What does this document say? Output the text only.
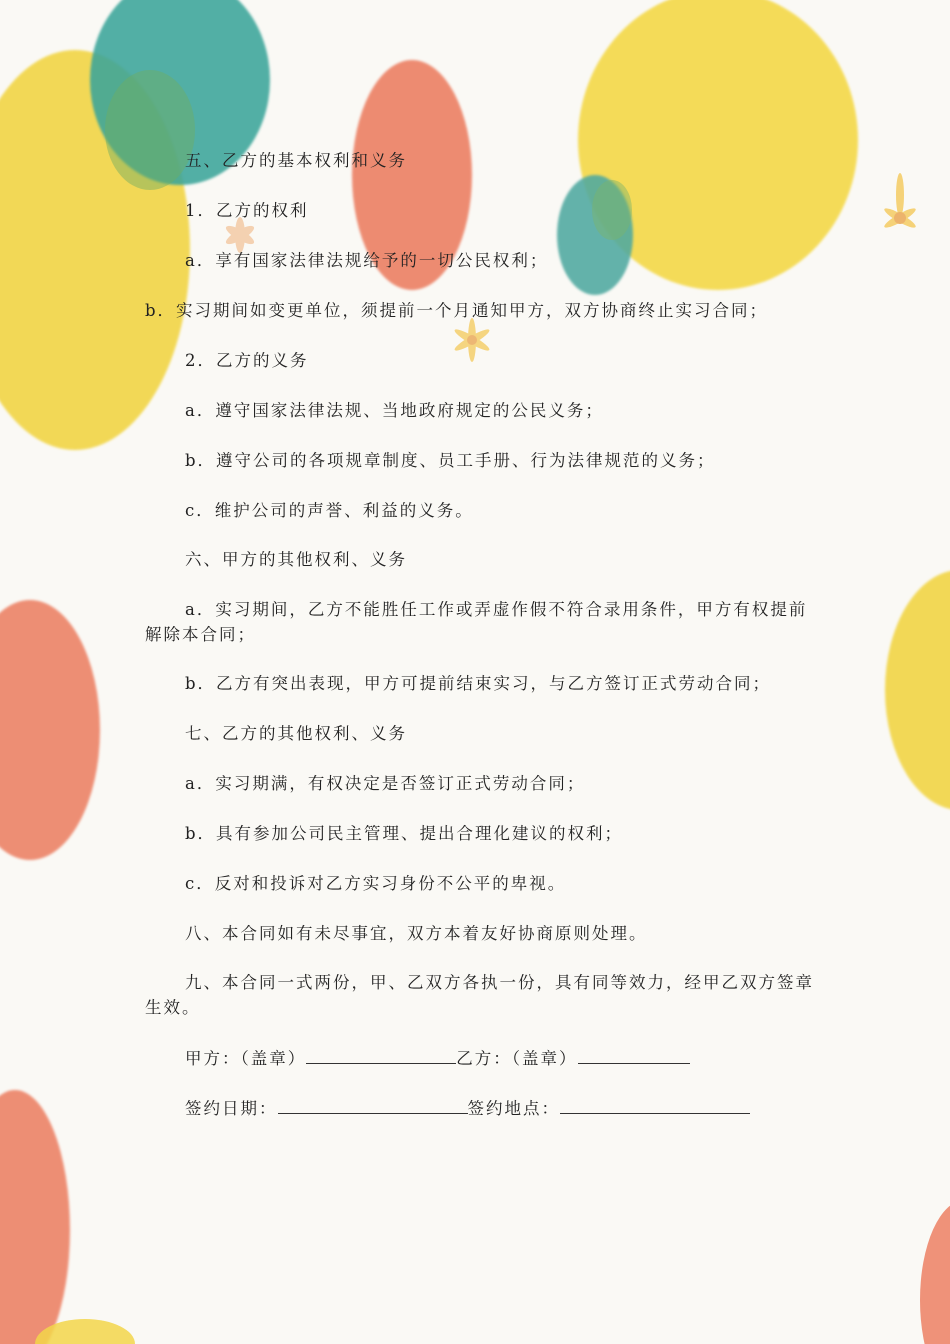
五、乙方的基本权利和义务
1．乙方的权利
a．享有国家法律法规给予的一切公民权利；
b．实习期间如变更单位，须提前一个月通知甲方，双方协商终止实习合同；
2．乙方的义务
a．遵守国家法律法规、当地政府规定的公民义务；
b．遵守公司的各项规章制度、员工手册、行为法律规范的义务；
c．维护公司的声誉、利益的义务。
六、甲方的其他权利、义务
a．实习期间，乙方不能胜任工作或弄虚作假不符合录用条件，甲方有权提前解除本合同；
b．乙方有突出表现，甲方可提前结束实习，与乙方签订正式劳动合同；
七、乙方的其他权利、义务
a．实习期满，有权决定是否签订正式劳动合同；
b．具有参加公司民主管理、提出合理化建议的权利；
c．反对和投诉对乙方实习身份不公平的卑视。
八、本合同如有未尽事宜，双方本着友好协商原则处理。
九、本合同一式两份，甲、乙双方各执一份，具有同等效力，经甲乙双方签章生效。
甲方：（盖章）	乙方：（盖章）
签约日期：	签约地点：
